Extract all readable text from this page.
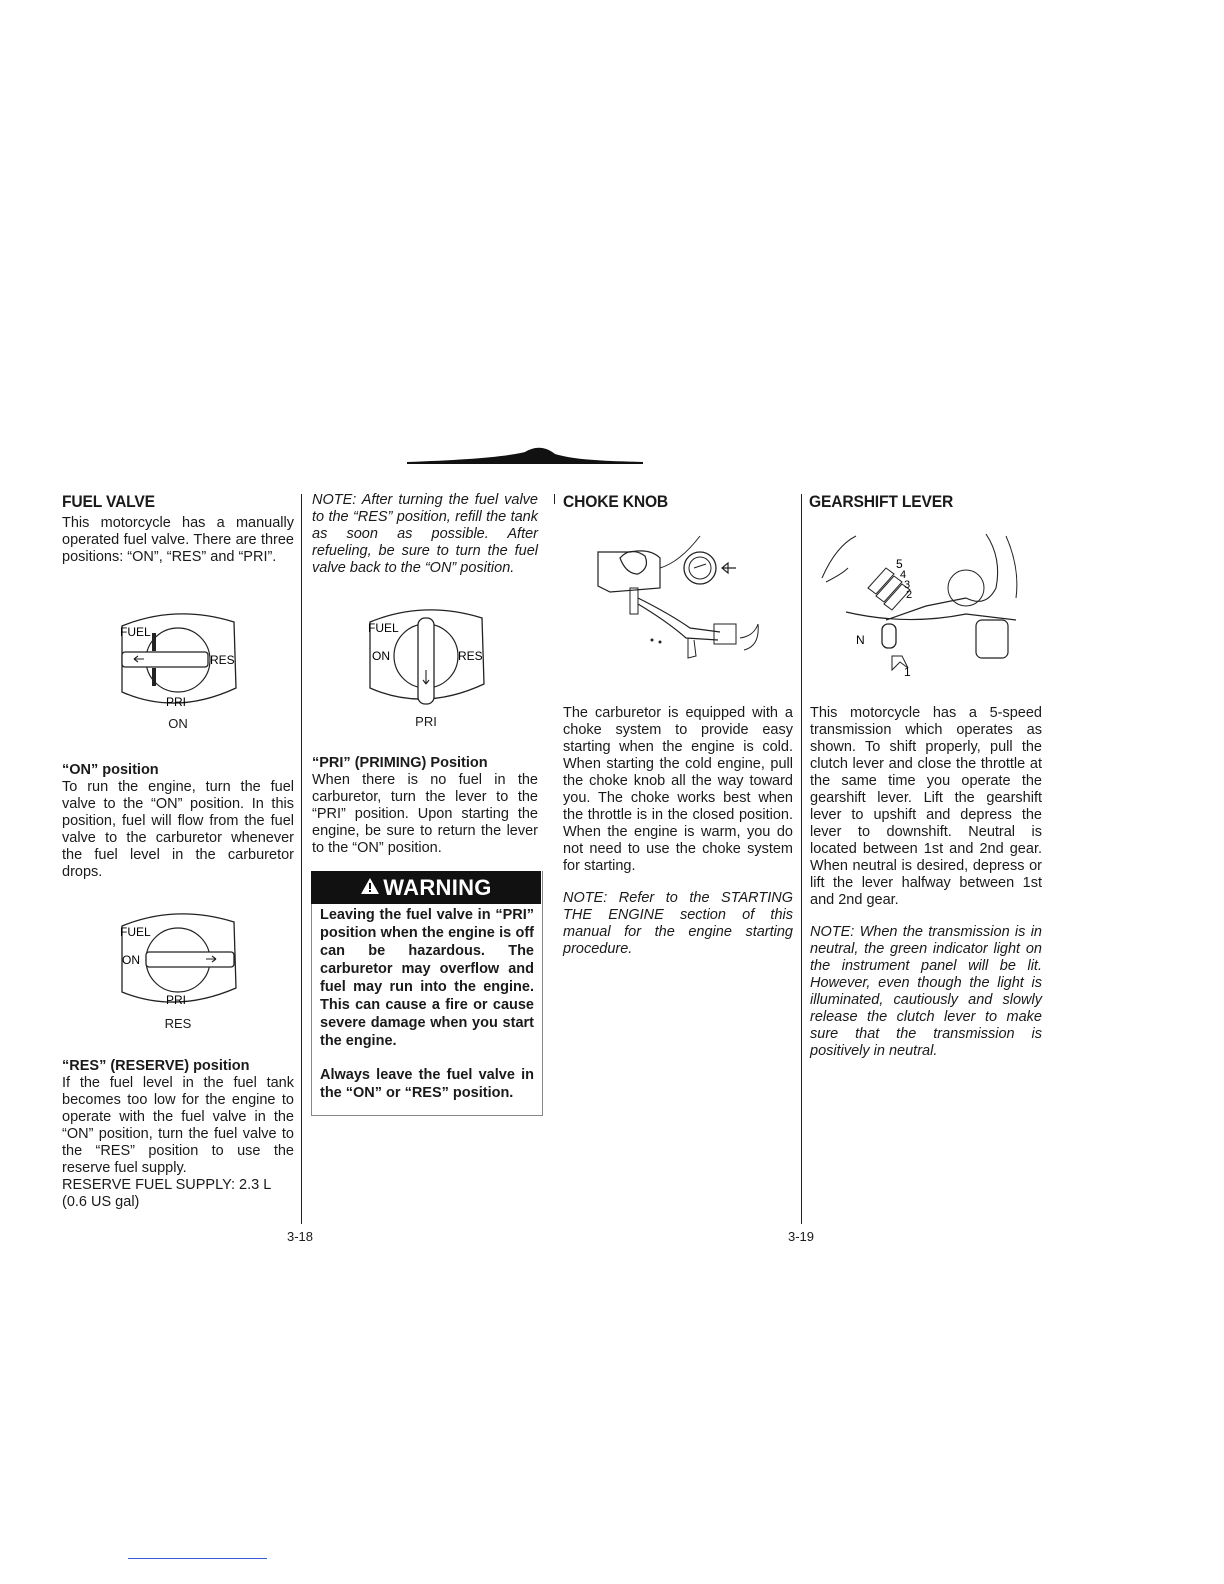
FUEL VALVE

This motorcycle has a manually operated fuel valve. There are three positions: “ON”, “RES” and “PRI”.

FUEL
RES
PRI
ON
“ON” position

To run the engine, turn the fuel valve to the “ON” position. In this position, fuel will flow from the fuel valve to the carburetor whenever the fuel level in the carburetor drops.

FUEL
ON
PRI
RES
“RES” (RESERVE) position

If the fuel level in the fuel tank becomes too low for the engine to operate with the fuel valve in the “ON” position, turn the fuel valve to the “RES” position to use the reserve fuel supply.

RESERVE FUEL SUPPLY: 2.3 L (0.6 US gal)

NOTE: After turning the fuel valve to the “RES” position, refill the tank as soon as possible. After refueling, be sure to turn the fuel valve back to the “ON” position.

FUEL
ON	RES
PRI
“PRI” (PRIMING) Position

When there is no fuel in the carburetor, turn the lever to the “PRI” position. Upon starting the engine, be sure to return the lever to the “ON” position.

WARNING

Leaving the fuel valve in “PRI” position when the engine is off can be hazardous. The carburetor may overflow and fuel may run into the engine. This can cause a fire or cause severe damage when you start the engine.

Always leave the fuel valve in the “ON” or “RES” position.

CHOKE KNOB

The carburetor is equipped with a choke system to provide easy starting when the engine is cold. When starting the cold engine, pull the choke knob all the way toward you. The choke works best when the throttle is in the closed position. When the engine is warm, you do not need to use the choke system for starting.

NOTE: Refer to the STARTING THE ENGINE section of this manual for the engine starting procedure.

GEARSHIFT LEVER
5
4
3
2
N
1

This motorcycle has a 5-speed transmission which operates as shown. To shift properly, pull the clutch lever and close the throttle at the same time you operate the gearshift lever. Lift the gearshift lever to upshift and depress the lever to downshift. Neutral is located between 1st and 2nd gear. When neutral is desired, depress or lift the lever halfway between 1st and 2nd gear.

NOTE: When the transmission is in neutral, the green indicator light on the instrument panel will be lit. However, even though the light is illuminated, cautiously and slowly release the clutch lever to make sure that the transmission is positively in neutral.

3-18	3-19
